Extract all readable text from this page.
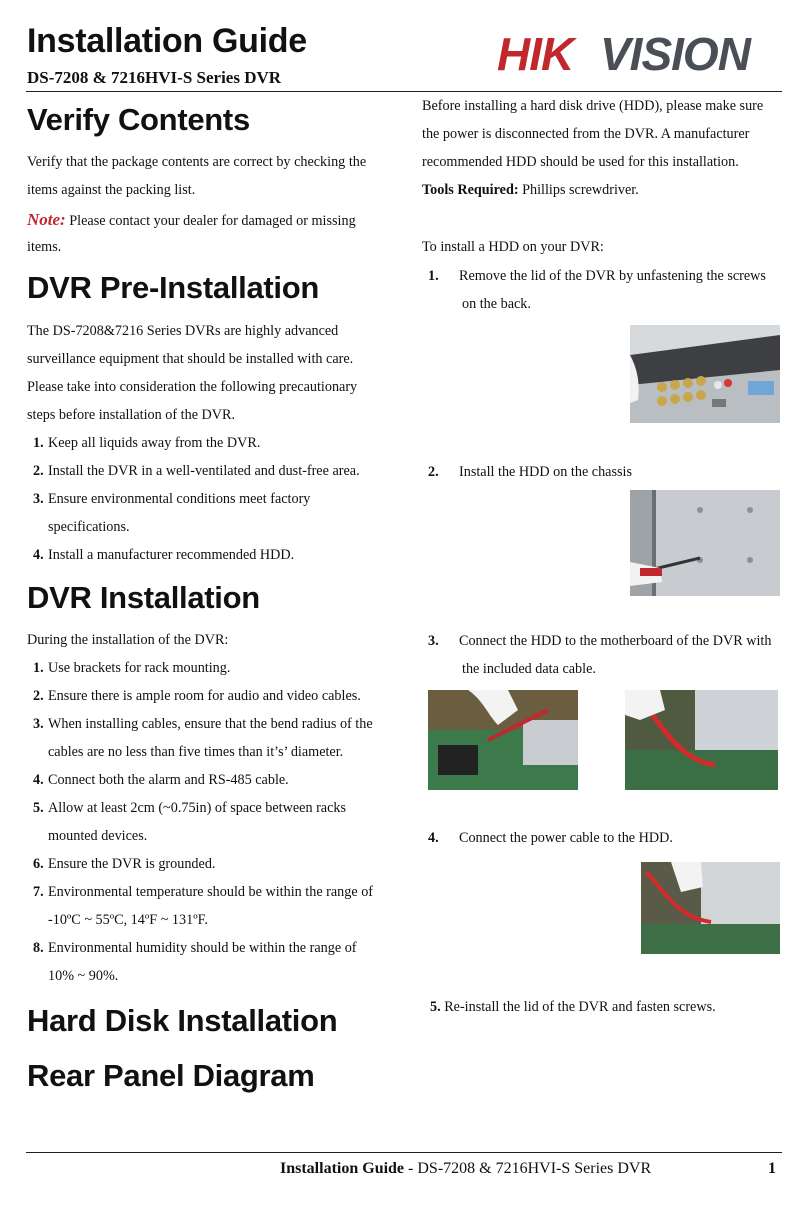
Installation Guide
DS-7208 & 7216HVI-S Series DVR	HIK VISION
Verify Contents
Verify that the package contents are correct by checking the
items against the packing list.
Note: Please contact your dealer for damaged or missing
items.
DVR Pre-Installation
The DS-7208&7216 Series DVRs are highly advanced
surveillance equipment that should be installed with care.
Please take into consideration the following precautionary
steps before installation of the DVR.
1. Keep all liquids away from the DVR.
2. Install the DVR in a well-ventilated and dust-free area.
3. Ensure environmental conditions meet factory
specifications.
4. Install a manufacturer recommended HDD.
DVR Installation
During the installation of the DVR:
1. Use brackets for rack mounting.
2. Ensure there is ample room for audio and video cables.
3. When installing cables, ensure that the bend radius of the
cables are no less than five times than it’s’ diameter.
4. Connect both the alarm and RS-485 cable.
5. Allow at least 2cm (~0.75in) of space between racks
mounted devices.
6. Ensure the DVR is grounded.
7. Environmental temperature should be within the range of
-10ºC ~ 55ºC, 14ºF ~ 131ºF.
8. Environmental humidity should be within the range of
10% ~ 90%.
Hard Disk Installation
Rear Panel Diagram
Before installing a hard disk drive (HDD), please make sure
the power is disconnected from the DVR. A manufacturer
recommended HDD should be used for this installation.
Tools Required: Phillips screwdriver.
To install a HDD on your DVR:
1. Remove the lid of the DVR by unfastening the screws
on the back.
2. Install the HDD on the chassis
3. Connect the HDD to the motherboard of the DVR with
the included data cable.
4. Connect the power cable to the HDD.
5. Re-install the lid of the DVR and fasten screws.
Installation Guide - DS-7208 & 7216HVI-S Series DVR	1
